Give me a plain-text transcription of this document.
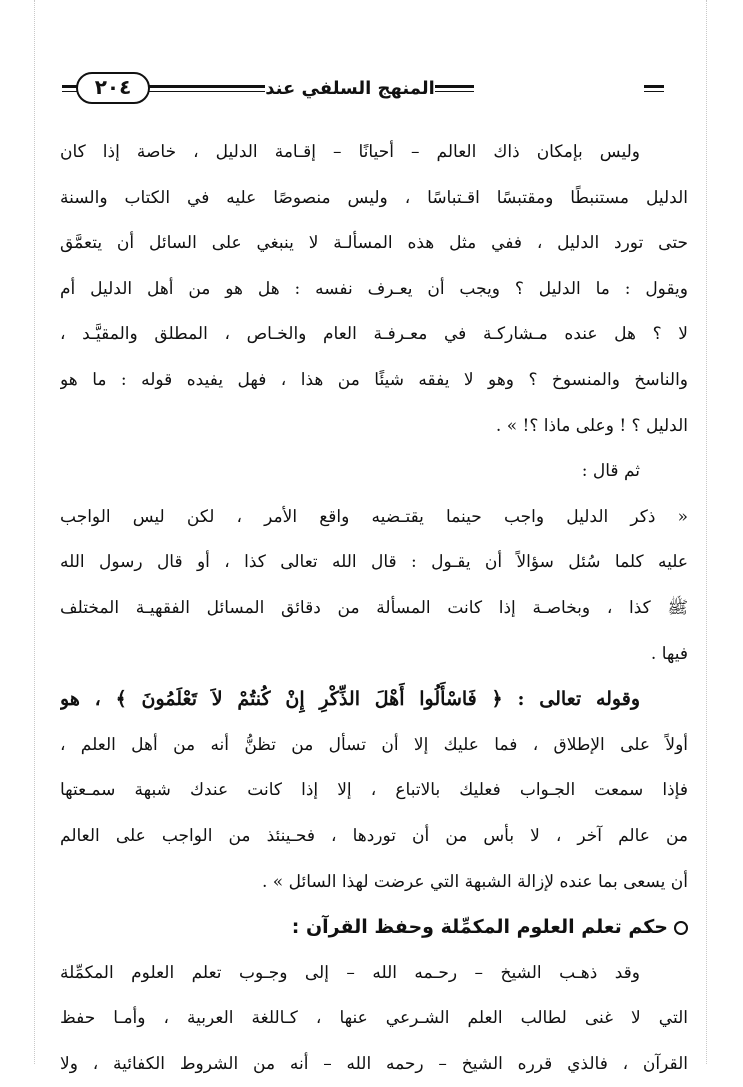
٢٠٤	المنهج السلفي عند
وليس بإمكان ذاك العالم – أحيانًا – إقـامة الدليل ، خاصة إذا كان
الدليل مستنبطًا ومقتبسًا اقـتباسًا ، وليس منصوصًا عليه في الكتاب والسنة
حتى تورد الدليل ، ففي مثل هذه المسألـة لا ينبغي على السائل أن يتعمَّق
ويقول : ما الدليل ؟ ويجب أن يعـرف نفسه : هل هو من أهل الدليل أم
لا ؟ هل عنده مـشاركـة في معـرفـة العام والخـاص ، المطلق والمقيَّـد ،
والناسخ والمنسوخ ؟ وهو لا يفقه شيئًا من هذا ، فهل يفيده قوله : ما هو
الدليل ؟ ! وعلى ماذا ؟! » .
ثم قال :
« ذكر الدليل واجب حينما يقتـضيه واقع الأمر ، لكن ليس الواجب
عليه كلما سُئل سؤالاً أن يقـول : قال الله تعالى كذا ، أو قال رسول الله
ﷺ كذا ، وبخاصـة إذا كانت المسألة من دقائق المسائل الفقهيـة المختلف
فيها .
وقوله تعالى : ﴿ فَاسْأَلُوا أَهْلَ الذِّكْرِ إِنْ كُنتُمْ لاَ تَعْلَمُونَ ﴾ ، هو
أولاً على الإطلاق ، فما عليك إلا أن تسأل من تظنُّ أنه من أهل العلم ،
فإذا سمعت الجـواب فعليك بالاتباع ، إلا إذا كانت عندك شبهة سمـعتها
من عالم آخر ، لا بأس من أن توردها ، فحـينئذ من الواجب على العالم
أن يسعى بما عنده لإزالة الشبهة التي عرضت لهذا السائل » .
حكم تعلم العلوم المكمِّلة وحفظ القرآن :
وقد ذهـب الشيخ – رحـمه الله – إلى وجـوب تعلم العلوم المكمِّلة
التي لا غنى لطالب العلم الشـرعي عنها ، كـاللغة العربية ، وأمـا حفظ
القرآن ، فالذي قرره الشيخ – رحمه الله – أنه من الشروط الكفائية ، ولا
